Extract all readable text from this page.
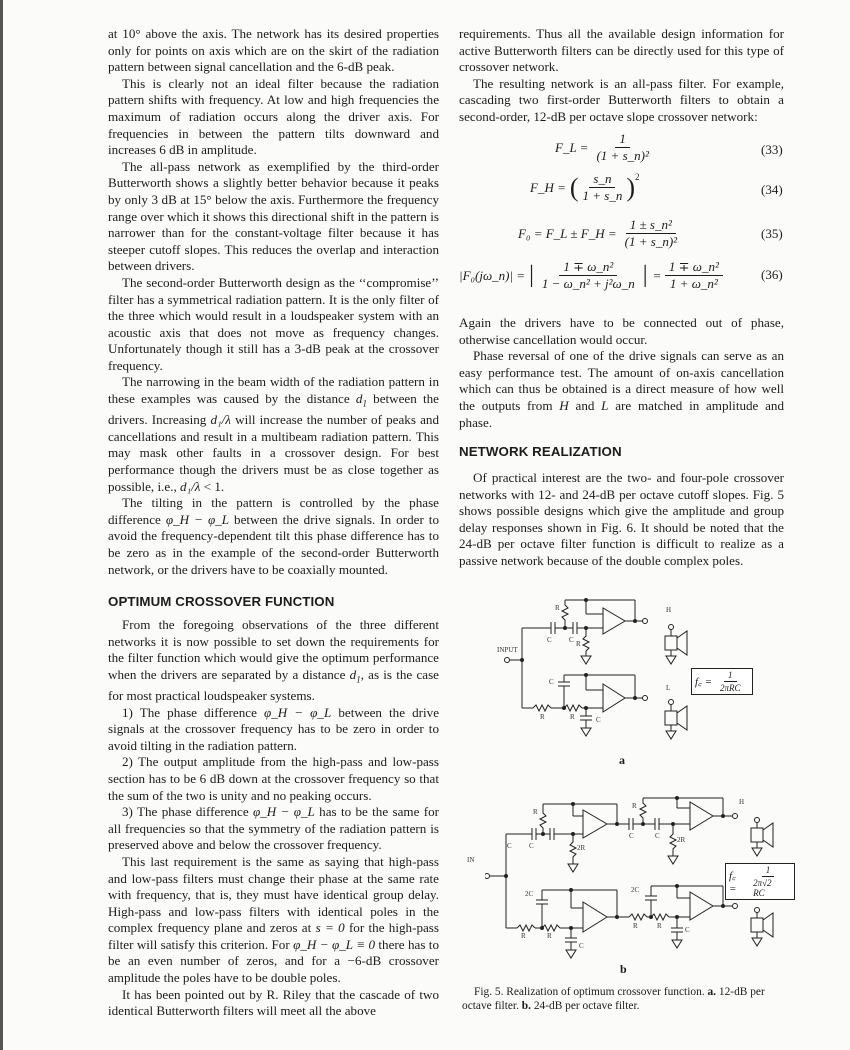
at 10° above the axis. The network has its desired properties only for points on axis which are on the skirt of the radiation pattern between signal cancellation and the 6-dB peak.

This is clearly not an ideal filter because the radiation pattern shifts with frequency. At low and high frequencies the maximum of radiation occurs along the driver axis. For frequencies in between the pattern tilts downward and increases 6 dB in amplitude.

The all-pass network as exemplified by the third-order Butterworth shows a slightly better behavior because it peaks by only 3 dB at 15° below the axis. Furthermore the frequency range over which it shows this directional shift in the pattern is narrower than for the constant-voltage filter because it has steeper cutoff slopes. This reduces the overlap and interaction between drivers.

The second-order Butterworth design as the ‘‘compromise’’ filter has a symmetrical radiation pattern. It is the only filter of the three which would result in a loudspeaker system with an acoustic axis that does not move as frequency changes. Unfortunately though it still has a 3-dB peak at the crossover frequency.

The narrowing in the beam width of the radiation pattern in these examples was caused by the distance $d_1$ between the drivers. Increasing d₁/λ will increase the number of peaks and cancellations and result in a multibeam radiation pattern. This may mask other faults in a crossover design. For best performance though the drivers must be as close together as possible, i.e., d₁/λ < 1.

The tilting in the pattern is controlled by the phase difference φ_H − φ_L between the drive signals. In order to avoid the frequency-dependent tilt this phase difference has to be zero as in the example of the second-order Butterworth network, or the drivers have to be coaxially mounted.

OPTIMUM CROSSOVER FUNCTION

From the foregoing observations of the three different networks it is now possible to set down the requirements for the filter function which would give the optimum performance when the drivers are separated by a distance $d_1$, as is the case for most practical loudspeaker systems.

1) The phase difference φ_H − φ_L between the drive signals at the crossover frequency has to be zero in order to avoid tilting in the radiation pattern.

2) The output amplitude from the high-pass and low-pass section has to be 6 dB down at the crossover frequency so that the sum of the two is unity and no peaking occurs.

3) The phase difference φ_H − φ_L has to be the same for all frequencies so that the symmetry of the radiation pattern is preserved above and below the crossover frequency.

This last requirement is the same as saying that high-pass and low-pass filters must change their phase at the same rate with frequency, that is, they must have identical group delay. High-pass and low-pass filters with identical poles in the complex frequency plane and zeros at s = 0 for the high-pass filter will satisfy this criterion. For φ_H − φ_L ≡ 0 there has to be an even number of zeros, and for a −6-dB crossover amplitude the poles have to be double poles.

It has been pointed out by R. Riley that the cascade of two identical Butterworth filters will meet all the above

requirements. Thus all the available design information for active Butterworth filters can be directly used for this type of crossover network.

The resulting network is an all-pass filter. For example, cascading two first-order Butterworth filters to obtain a second-order, 12-dB per octave slope crossover network:

F_L = $\frac{1}{\text{(1 + s\_n)²}}$	(33)
F_H = ( $\frac{s\_n}{1 + s\_n} )^2$
(34)
F₀ = F_L ± F_H = $\frac{\text{1 ± s\_n²}}{\text{(1 + s\_n)²}}$	(35)
|F₀(jω_n)| = | $\frac{\text{1 ∓ ω\_n²}}{\text{1 − ω\_n² + j²ω\_n}}$ | = $\frac{\text{1 ∓ ω\_n²}}{\text{1 + ω\_n²}}$	(36)

Again the drivers have to be connected out of phase, otherwise cancellation would occur.

Phase reversal of one of the drive signals can serve as an easy performance test. The amount of on-axis cancellation which can thus be obtained is a direct measure of how well the outputs from H and L are matched in amplitude and phase.

NETWORK REALIZATION

Of practical interest are the two- and four-pole crossover networks with 12- and 24-dB per octave cutoff slopes. Fig. 5 shows possible designs which give the amplitude and group delay responses shown in Fig. 6. It should be noted that the 24-dB per octave filter function is difficult to realize as a passive network because of the double complex poles.

INPUT
H
L
R
C C R
C
R	R	C
f꜀ = $\frac{1}{\text{2πRC}}$
a
IN
H
R
C C	2R
R
C	C 2R
2C
R	R
C
2C
R	R	C
f꜀ =	$\frac{1}{2\pi√2 RC}$
b
Fig. 5. Realization of optimum crossover function. a. 12-dB per octave filter. b. 24-dB per octave filter.
